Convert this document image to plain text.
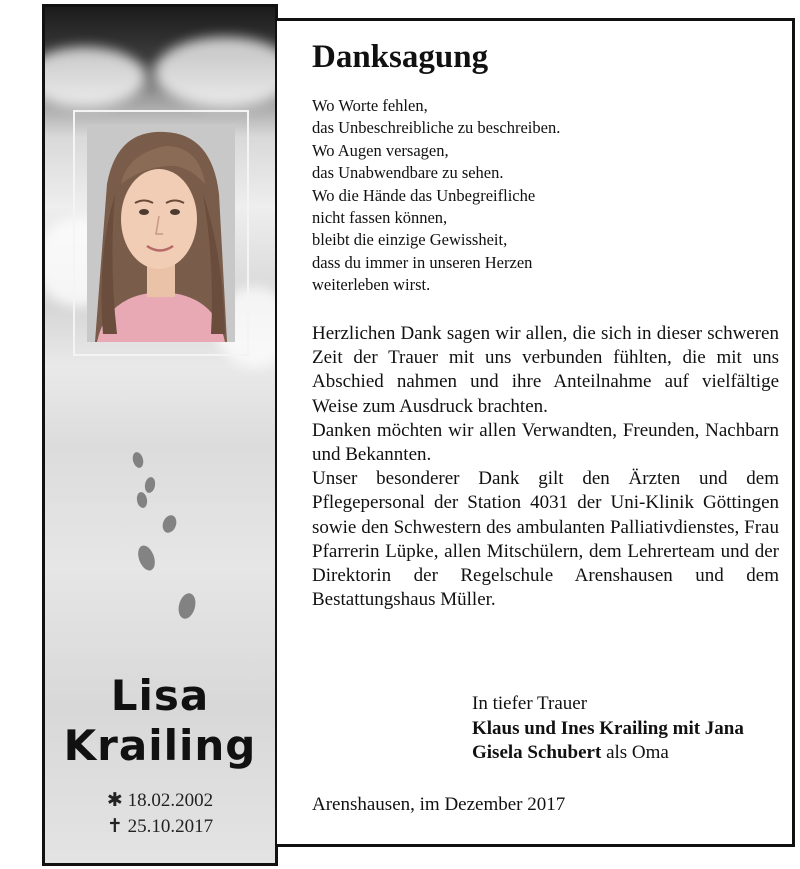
Lisa
Krailing
✱ 18.02.2002
✝ 25.10.2017
Danksagung
Wo Worte fehlen,
das Unbeschreibliche zu beschreiben.
Wo Augen versagen,
das Unabwendbare zu sehen.
Wo die Hände das Unbegreifliche
nicht fassen können,
bleibt die einzige Gewissheit,
dass du immer in unseren Herzen
weiterleben wirst.

Herzlichen Dank sagen wir allen, die sich in dieser schweren Zeit der Trauer mit uns verbunden fühlten, die mit uns Abschied nahmen und ihre Anteilnahme auf vielfältige Weise zum Ausdruck brachten.

Danken möchten wir allen Verwandten, Freunden, Nachbarn und Bekannten.

Unser besonderer Dank gilt den Ärzten und dem Pflegepersonal der Station 4031 der Uni-Klinik Göttingen sowie den Schwestern des ambulanten Palliativdienstes, Frau Pfarrerin Lüpke, allen Mitschülern, dem Lehrerteam und der Direktorin der Regelschule Arenshausen und dem Bestattungshaus Müller.

In tiefer Trauer
Klaus und Ines Krailing mit Jana
Gisela Schubert als Oma
Arenshausen, im Dezember 2017
